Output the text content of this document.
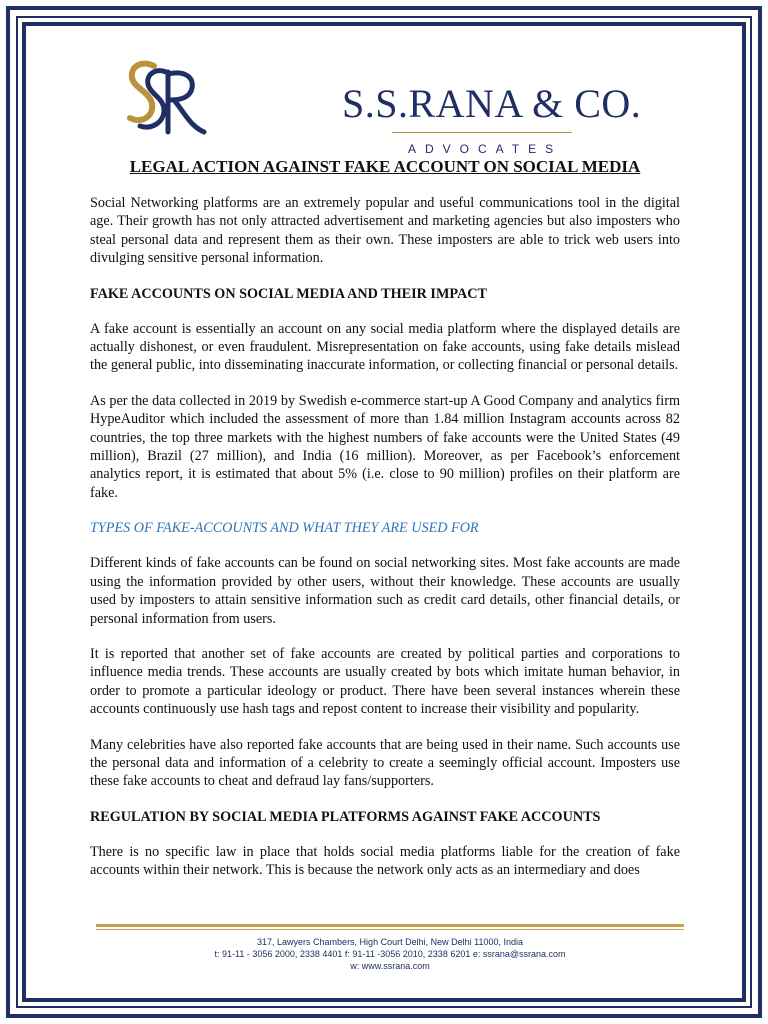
S.S.RANA & CO.
ADVOCATES
LEGAL ACTION AGAINST FAKE ACCOUNT ON SOCIAL MEDIA

Social Networking platforms are an extremely popular and useful communications tool in the digital age. Their growth has not only attracted advertisement and marketing agencies but also imposters who steal personal data and represent them as their own. These imposters are able to trick web users into divulging sensitive personal information.

FAKE ACCOUNTS ON SOCIAL MEDIA AND THEIR IMPACT

A fake account is essentially an account on any social media platform where the displayed details are actually dishonest, or even fraudulent. Misrepresentation on fake accounts, using fake details mislead the general public, into disseminating inaccurate information, or collecting financial or personal details.

As per the data collected in 2019 by Swedish e-commerce start-up A Good Company and analytics firm HypeAuditor which included the assessment of more than 1.84 million Instagram accounts across 82 countries, the top three markets with the highest numbers of fake accounts were the United States (49 million), Brazil (27 million), and India (16 million). Moreover, as per Facebook’s enforcement analytics report, it is estimated that about 5% (i.e. close to 90 million) profiles on their platform are fake.

TYPES OF FAKE-ACCOUNTS AND WHAT THEY ARE USED FOR

Different kinds of fake accounts can be found on social networking sites. Most fake accounts are made using the information provided by other users, without their knowledge. These accounts are usually used by imposters to attain sensitive information such as credit card details, other financial details, or personal information from users.

It is reported that another set of fake accounts are created by political parties and corporations to influence media trends. These accounts are usually created by bots which imitate human behavior, in order to promote a particular ideology or product. There have been several instances wherein these accounts continuously use hash tags and repost content to increase their visibility and popularity.

Many celebrities have also reported fake accounts that are being used in their name. Such accounts use the personal data and information of a celebrity to create a seemingly official account. Imposters use these fake accounts to cheat and defraud lay fans/supporters.

REGULATION BY SOCIAL MEDIA PLATFORMS AGAINST FAKE ACCOUNTS

There is no specific law in place that holds social media platforms liable for the creation of fake accounts within their network. This is because the network only acts as an intermediary and does

317, Lawyers Chambers, High Court Delhi, New Delhi 11000, India
t: 91-11 - 3056 2000, 2338 4401 f: 91-11 -3056 2010, 2338 6201 e: ssrana@ssrana.com
w: www.ssrana.com
